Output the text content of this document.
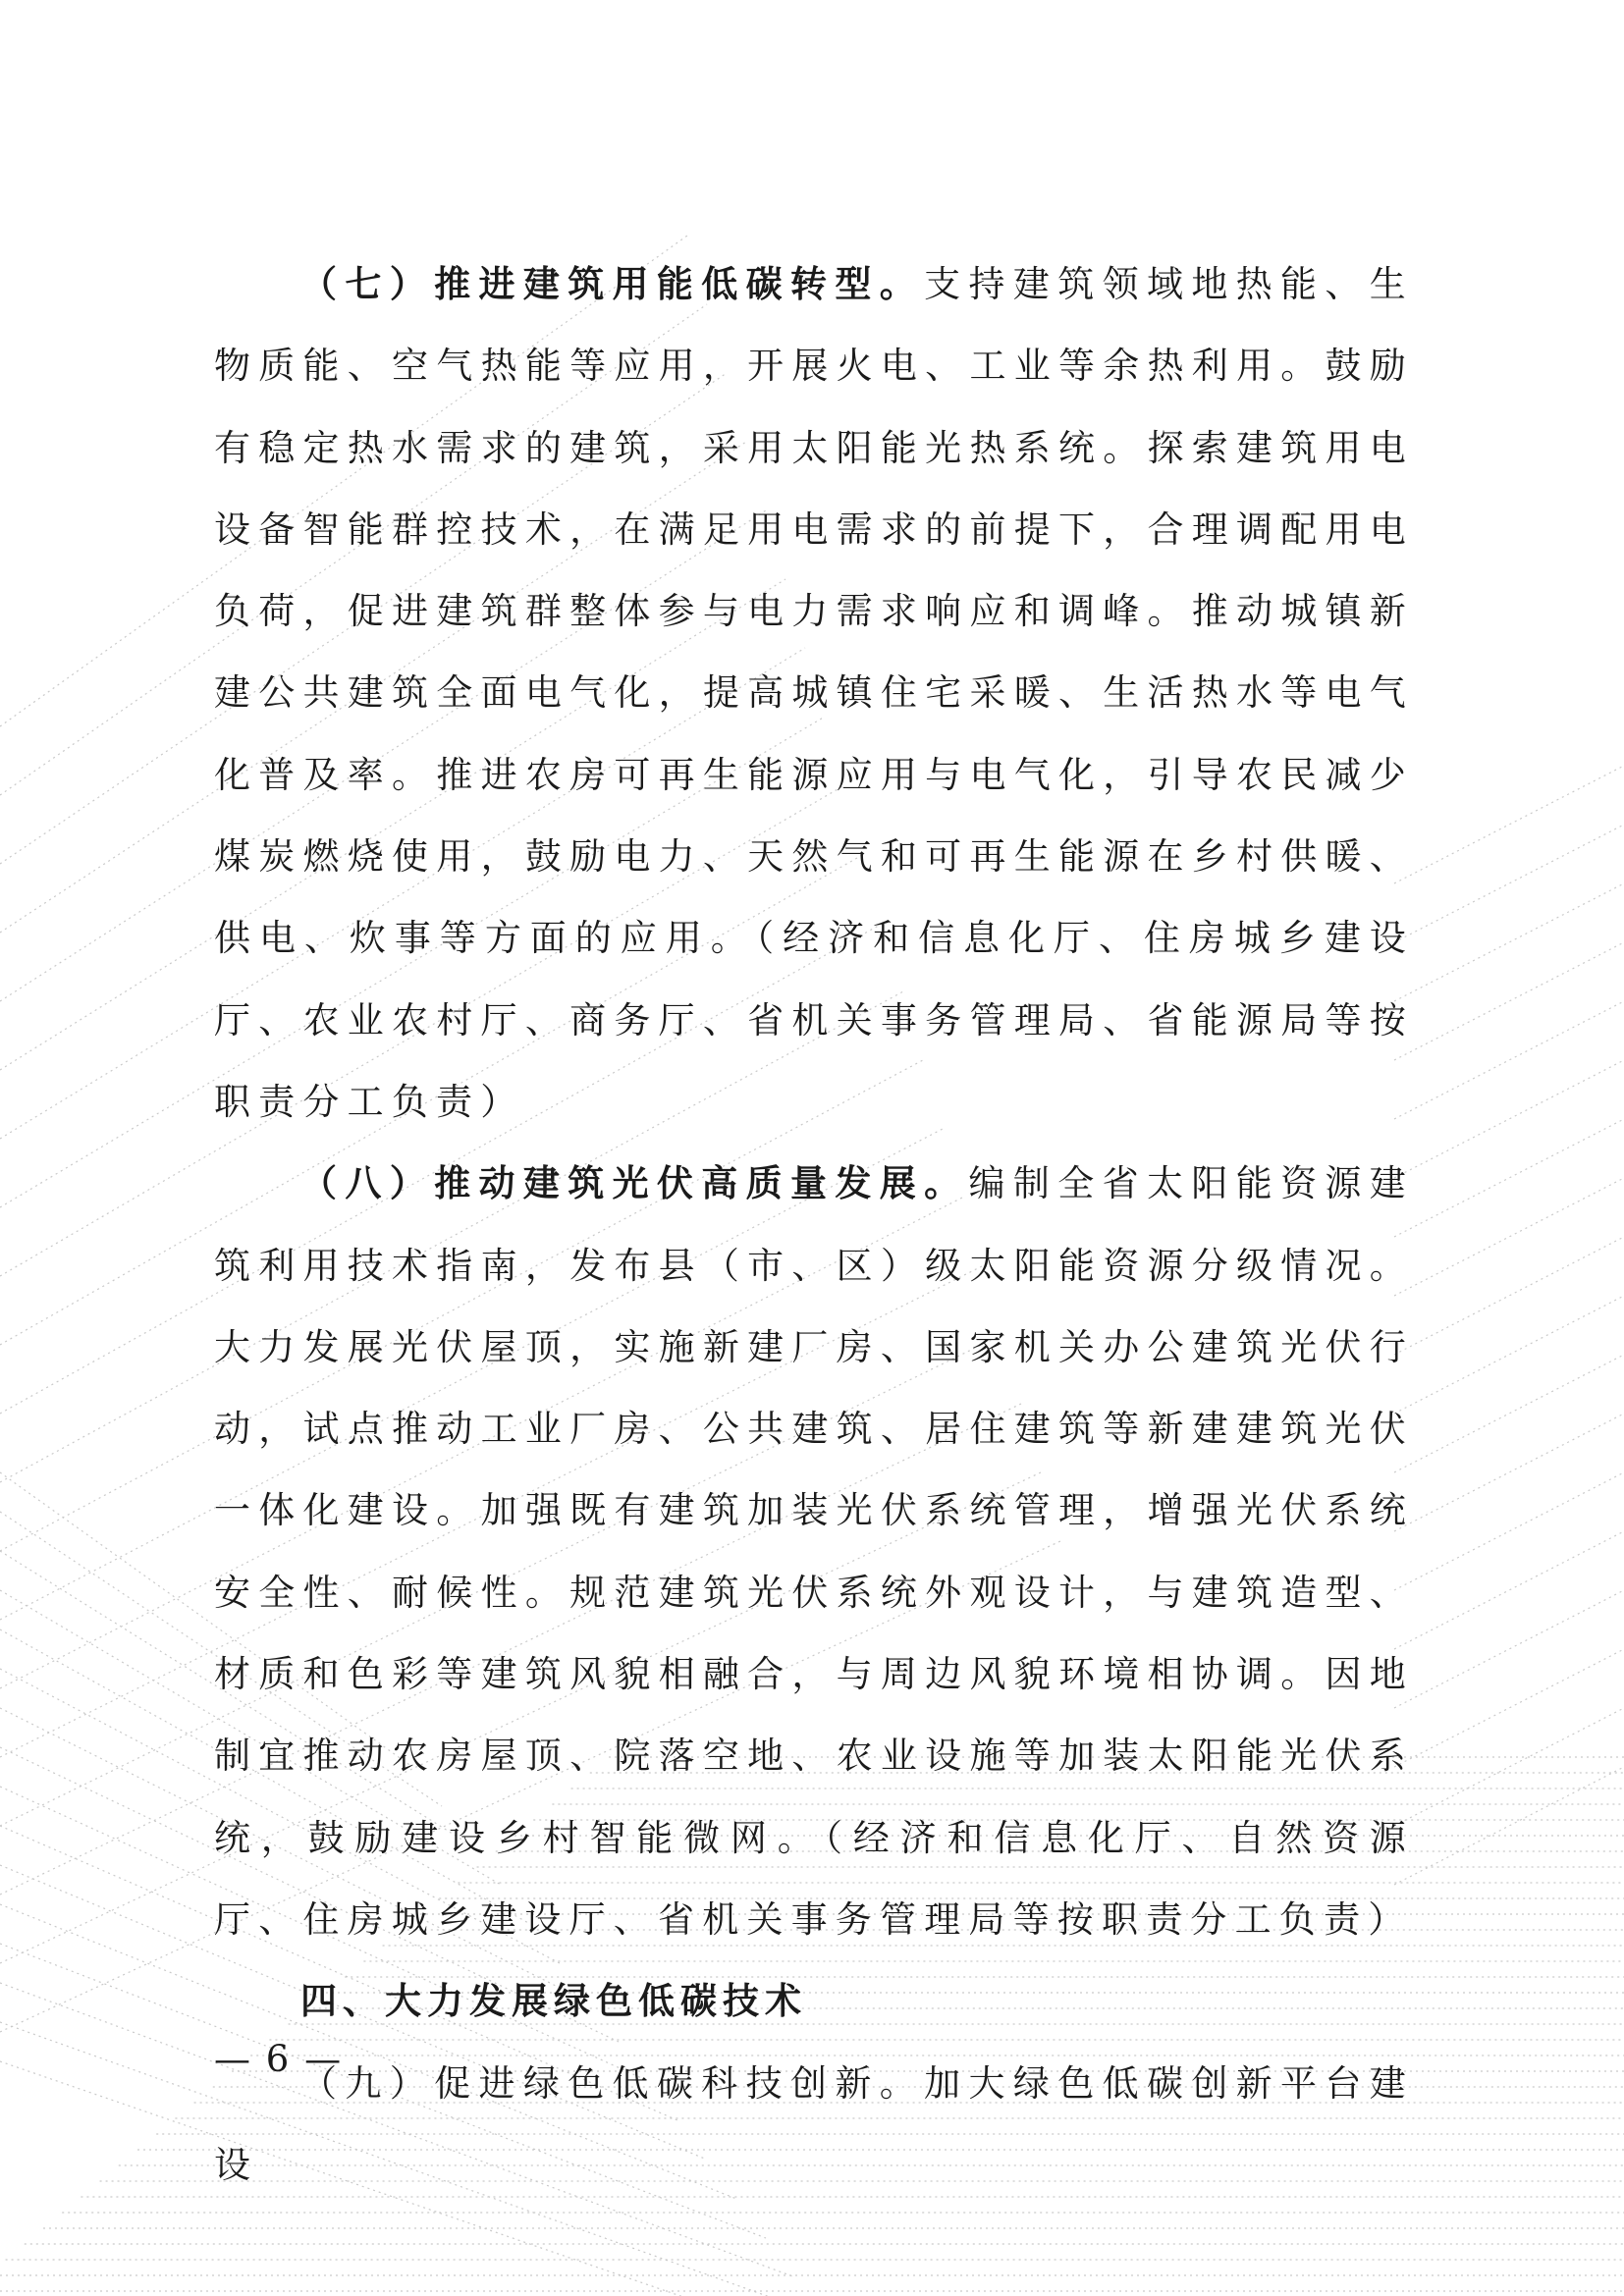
（七）推进建筑用能低碳转型。支持建筑领域地热能、生物质能、空气热能等应用，开展火电、工业等余热利用。鼓励有稳定热水需求的建筑，采用太阳能光热系统。探索建筑用电设备智能群控技术，在满足用电需求的前提下，合理调配用电负荷，促进建筑群整体参与电力需求响应和调峰。推动城镇新建公共建筑全面电气化，提高城镇住宅采暖、生活热水等电气化普及率。推进农房可再生能源应用与电气化，引导农民减少煤炭燃烧使用，鼓励电力、天然气和可再生能源在乡村供暖、供电、炊事等方面的应用。（经济和信息化厅、住房城乡建设厅、农业农村厅、商务厅、省机关事务管理局、省能源局等按职责分工负责）

（八）推动建筑光伏高质量发展。编制全省太阳能资源建筑利用技术指南，发布县（市、区）级太阳能资源分级情况。大力发展光伏屋顶，实施新建厂房、国家机关办公建筑光伏行动，试点推动工业厂房、公共建筑、居住建筑等新建建筑光伏一体化建设。加强既有建筑加装光伏系统管理，增强光伏系统安全性、耐候性。规范建筑光伏系统外观设计，与建筑造型、材质和色彩等建筑风貌相融合，与周边风貌环境相协调。因地制宜推动农房屋顶、院落空地、农业设施等加装太阳能光伏系统，鼓励建设乡村智能微网。（经济和信息化厅、自然资源厅、住房城乡建设厅、省机关事务管理局等按职责分工负责）

四、大力发展绿色低碳技术

（九）促进绿色低碳科技创新。加大绿色低碳创新平台建设

— 6 —
